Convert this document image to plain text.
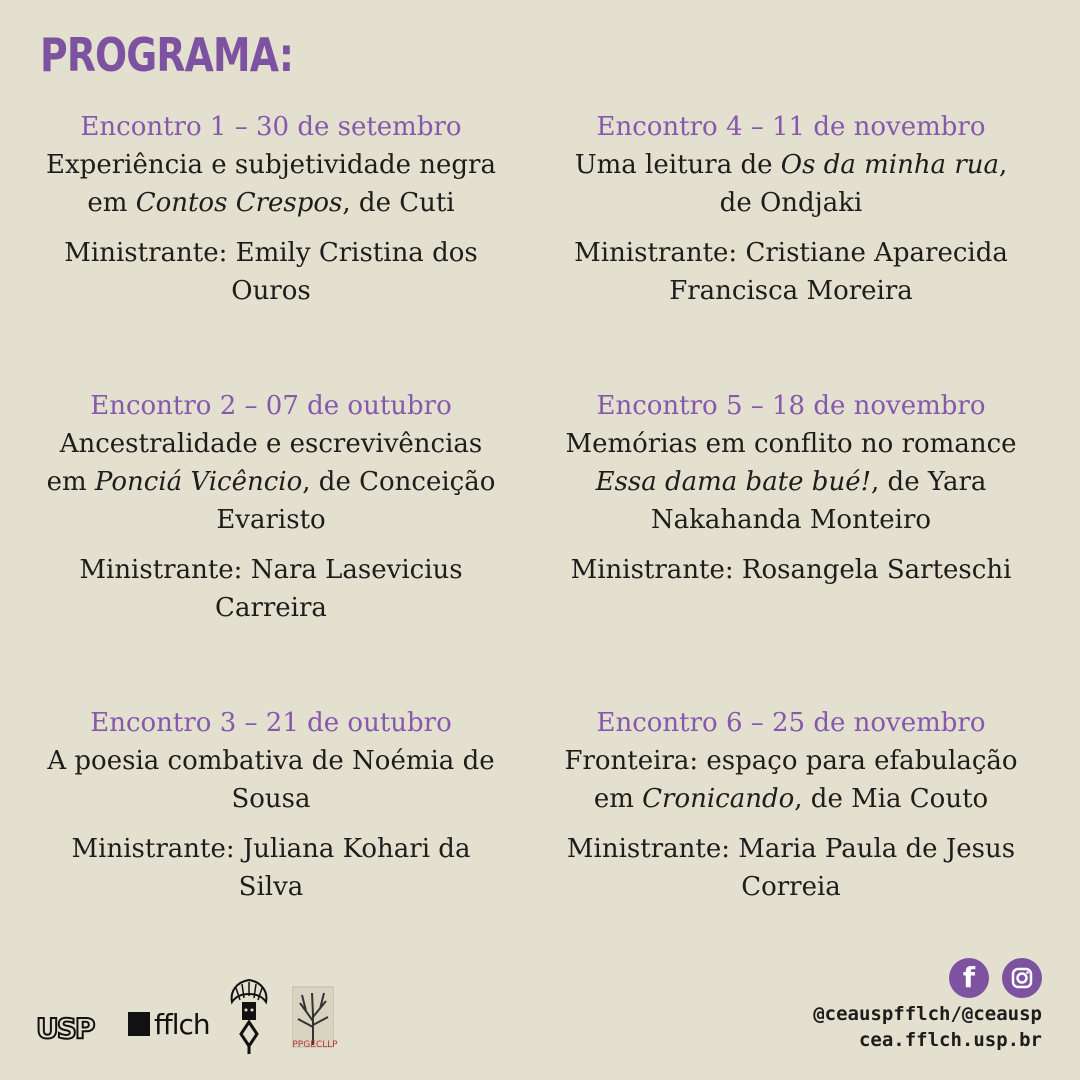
PROGRAMA:
Encontro 1 – 30 de setembro
Experiência e subjetividade negra em Contos Crespos, de Cuti
Ministrante: Emily Cristina dos Ouros
Encontro 2 – 07 de outubro
Ancestralidade e escrevivências em Ponciá Vicêncio, de Conceição Evaristo
Ministrante: Nara Lasevicius Carreira
Encontro 3 – 21 de outubro
A poesia combativa de Noémia de Sousa
Ministrante: Juliana Kohari da Silva
Encontro 4 – 11 de novembro
Uma leitura de Os da minha rua, de Ondjaki
Ministrante: Cristiane Aparecida Francisca Moreira
Encontro 5 – 18 de novembro
Memórias em conflito no romance Essa dama bate bué!, de Yara Nakahanda Monteiro
Ministrante: Rosangela Sarteschi
Encontro 6 – 25 de novembro
Fronteira: espaço para efabulação em Cronicando, de Mia Couto
Ministrante: Maria Paula de Jesus Correia
USP fflch
PPGECLLP
f

@ceauspfflch/@ceausp
cea.fflch.usp.br
